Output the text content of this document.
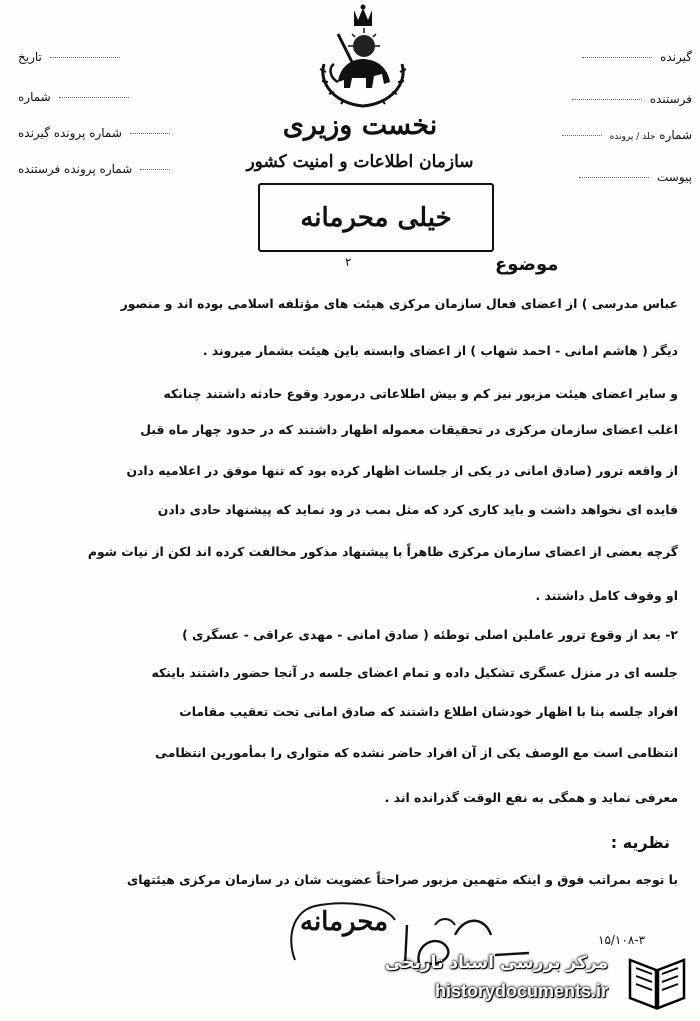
تاریخ
شماره
شماره پرونده گیرنده
شماره پرونده فرستنده
گیرنده
فرستنده
شماره جلد / پرونده
پیوست
نخست وزیری
سازمان اطلاعات و امنیت کشور
خیلی محرمانه
موضوع
۲
عباس مدرسی ) از اعضای فعال سازمان مرکزی هیئت های مؤتلفه اسلامی بوده اند و منصور
دیگر ( هاشم امانی - احمد شهاب ) از اعضای وابسته باین هیئت بشمار میروند .
و سایر اعضای هیئت مزبور نیز کم و بیش اطلاعاتی درمورد وقوع حادثه داشتند چنانکه
اغلب اعضای سازمان مرکزی در تحقیقات معموله اظهار داشتند که در حدود چهار ماه قبل
از واقعه ترور (صادق امانی در یکی از جلسات اظهار کرده بود که تنها موفق در اعلامیه دادن
فایده ای نخواهد داشت و باید کاری کرد که مثل بمب در ود نماید که پیشنهاد حادی دادن
گرچه بعضی از اعضای سازمان مرکزی ظاهراً با پیشنهاد مذکور مخالفت کرده اند لکن از نیات شوم
او وقوف کامل داشتند .
۲- بعد از وقوع ترور عاملین اصلی توطئه ( صادق امانی - مهدی عراقی - عسگری )
جلسه ای در منزل عسگری تشکیل داده و تمام اعضای جلسه در آنجا حضور داشتند باینکه
افراد جلسه بنا با اظهار خودشان اطلاع داشتند که صادق امانی تحت تعقیب مقامات
انتظامی است مع الوصف یکی از آن افراد حاضر نشده که متواری را بمأمورین انتظامی
معرفی نماید و همگی به نفع الوقت گذرانده اند .
نظریه :
با توجه بمراتب فوق و اینکه متهمین مزبور صراحتاً عضویت شان در سازمان مرکزی هیئتهای
محرمانه
۱۵/۱۰۸-۳
مرکز بررسی اسناد تاریخی
historydocuments.ir
